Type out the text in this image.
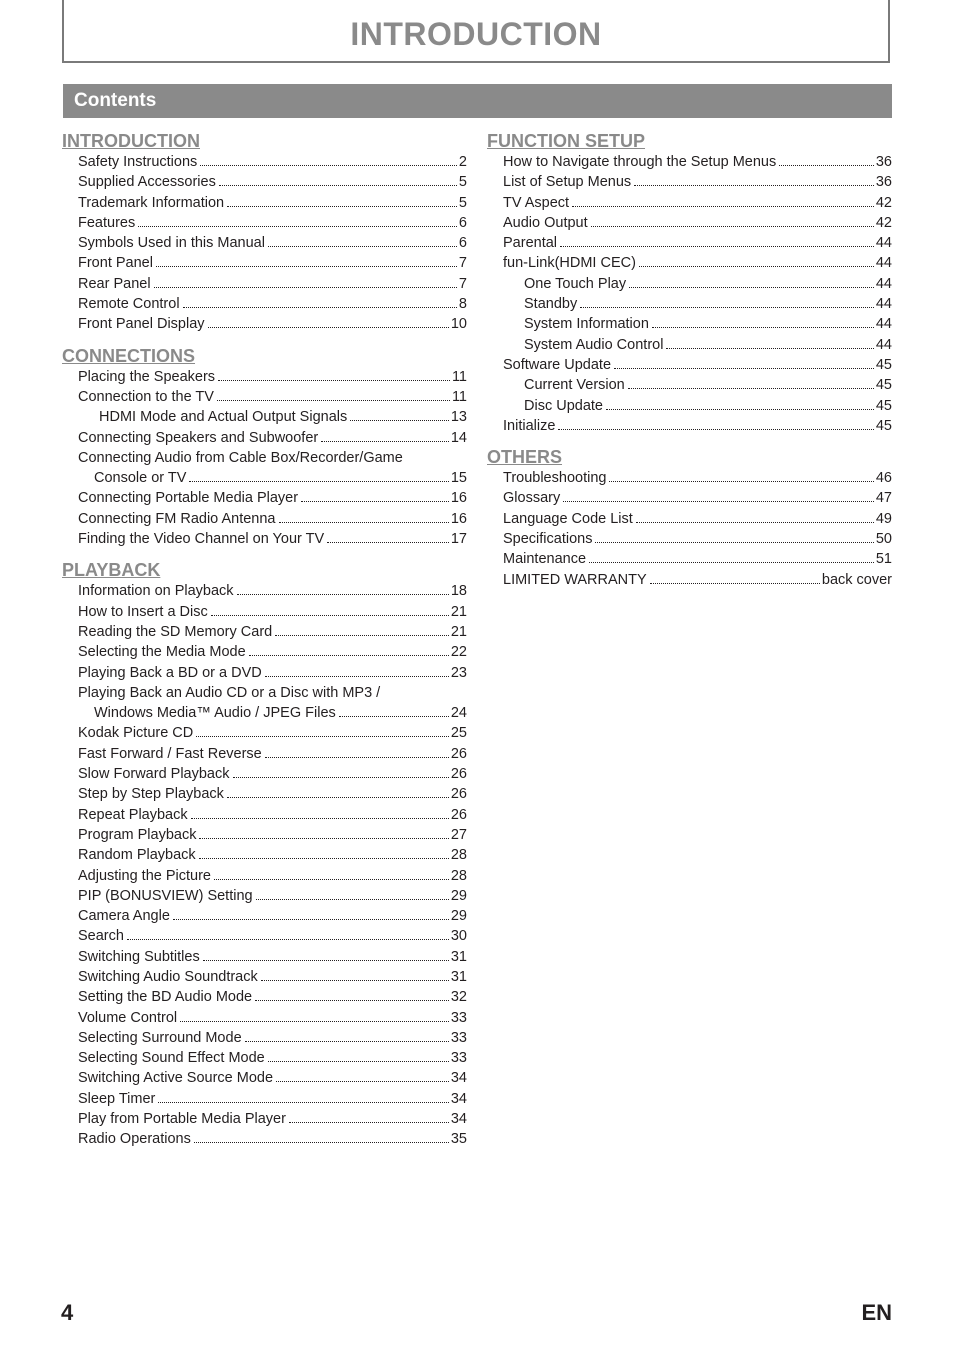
INTRODUCTION
Contents
INTRODUCTION
Safety Instructions	2
Supplied Accessories	5
Trademark Information	5
Features	6
Symbols Used in this Manual	6
Front Panel	7
Rear Panel	7
Remote Control	8
Front Panel Display	10
CONNECTIONS
Placing the Speakers	11
Connection to the TV	11
HDMI Mode and Actual Output Signals	13
Connecting Speakers and Subwoofer	14
Connecting Audio from Cable Box/Recorder/Game
Console or TV	15
Connecting Portable Media Player	16
Connecting FM Radio Antenna	16
Finding the Video Channel on Your TV	17
PLAYBACK
Information on Playback	18
How to Insert a Disc	21
Reading the SD Memory Card	21
Selecting the Media Mode	22
Playing Back a BD or a DVD	23
Playing Back an Audio CD or a Disc with MP3 /
Windows Media™ Audio / JPEG Files	24
Kodak Picture CD	25
Fast Forward / Fast Reverse	26
Slow Forward Playback	26
Step by Step Playback	26
Repeat Playback	26
Program Playback	27
Random Playback	28
Adjusting the Picture	28
PIP (BONUSVIEW) Setting	29
Camera Angle	29
Search	30
Switching Subtitles	31
Switching Audio Soundtrack	31
Setting the BD Audio Mode	32
Volume Control	33
Selecting Surround Mode	33
Selecting Sound Effect Mode	33
Switching Active Source Mode	34
Sleep Timer	34
Play from Portable Media Player	34
Radio Operations	35
FUNCTION SETUP
How to Navigate through the Setup Menus	36
List of Setup Menus	36
TV Aspect	42
Audio Output	42
Parental	44
fun-Link(HDMI CEC)	44
One Touch Play	44
Standby	44
System Information	44
System Audio Control	44
Software Update	45
Current Version	45
Disc Update	45
Initialize	45
OTHERS
Troubleshooting	46
Glossary	47
Language Code List	49
Specifications	50
Maintenance	51
LIMITED WARRANTY	back cover
4	EN
